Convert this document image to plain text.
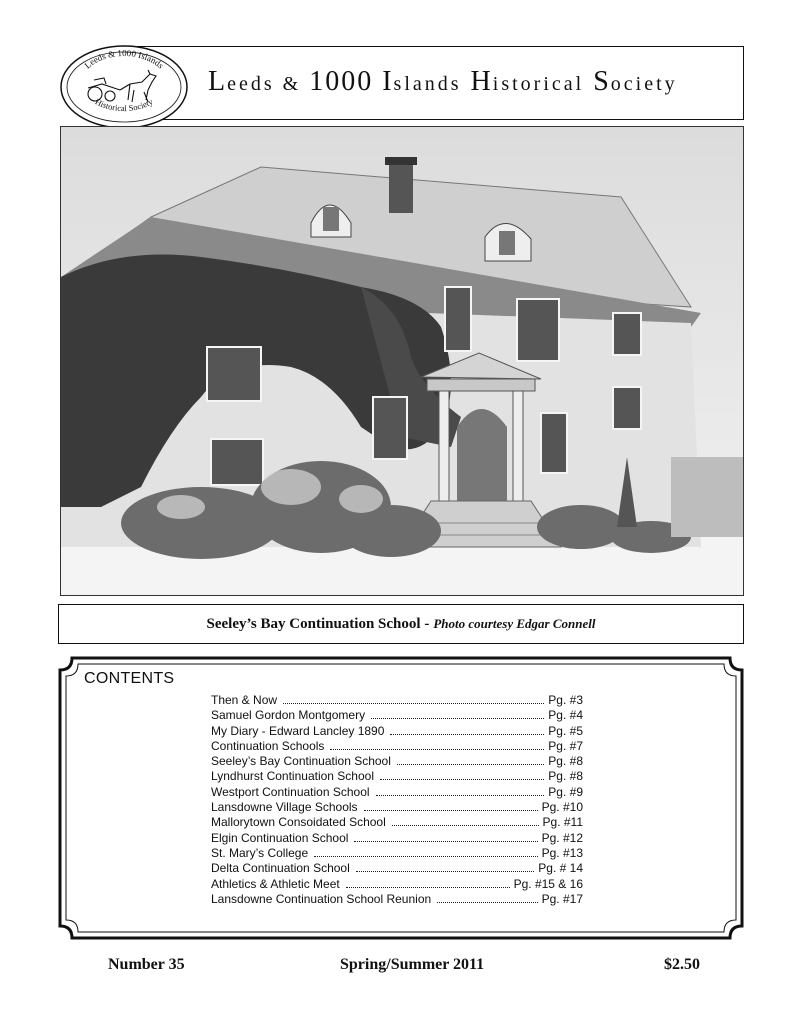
Leeds & 1000 Islands
Historical Society
Leeds & 1000 Islands Historical Society
Seeley’s Bay Continuation School - Photo courtesy Edgar Connell
CONTENTS
Then & Now	Pg. #3
Samuel Gordon Montgomery	Pg. #4
My Diary - Edward Lancley 1890	Pg. #5
Continuation Schools	Pg. #7
Seeley’s Bay Continuation School	Pg. #8
Lyndhurst Continuation School	Pg. #8
Westport Continuation School	Pg. #9
Lansdowne Village Schools	Pg. #10
Mallorytown Consoidated School	Pg. #11
Elgin Continuation School	Pg. #12
St. Mary’s College	Pg. #13
Delta Continuation School	Pg. # 14
Athletics & Athletic Meet	Pg. #15 & 16
Lansdowne Continuation School Reunion	Pg. #17
Number 35	Spring/Summer 2011	$2.50
